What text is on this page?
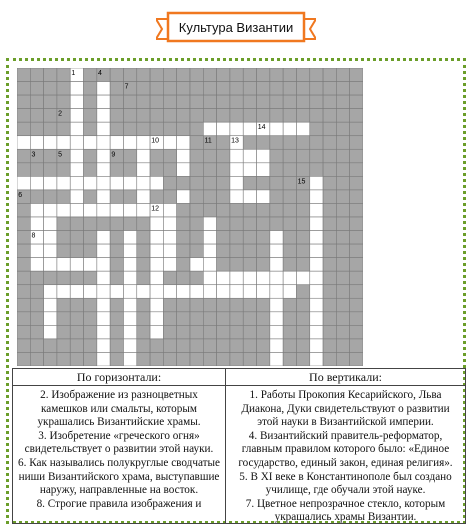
Культура Византии
1	4
7
2
14
10	11	13
3	5	9
15
6
12
8
По горизонтали:
2. Изображение из разноцветных камешков или смальты, которым украшались Византийские храмы.
3. Изобретение «греческого огня» свидетельствует о развитии этой науки.
6. Как назывались полукруглые сводчатые ниши Византийского храма, выступавшие наружу, направленные на восток.
8. Строгие правила изображения и
По вертикали:
1. Работы Прокопия Кесарийского, Льва Диакона, Дуки свидетельствуют о развитии этой науки в Византийской империи.
4. Византийский правитель-реформатор, главным правилом которого было: «Единое государство, единый закон, единая религия».
5. В XI веке в Константинополе был создано училище, где обучали этой науке.
7. Цветное непрозрачное стекло, которым украшались храмы Византии.
